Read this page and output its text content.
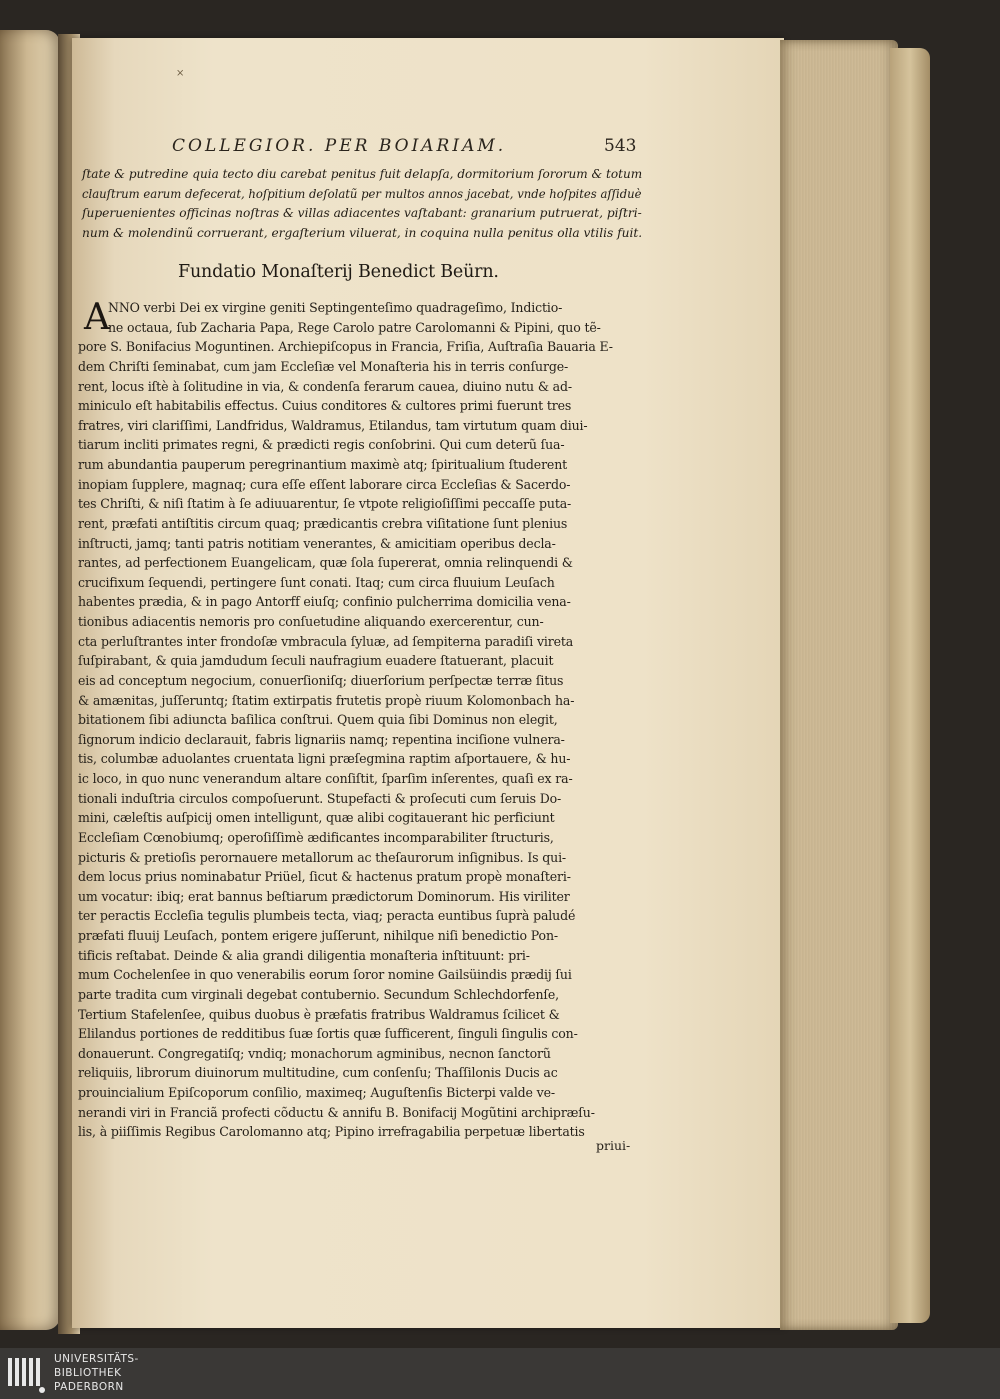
×
COLLEGIOR. PER BOIARIAM.	543
ſtate & putredine quia tecto diu carebat penitus fuit delapſa, dormitorium ſororum & totum
clauſtrum earum defecerat, hoſpitium deſolatũ per multos annos jacebat, vnde hoſpites aſſiduè
ſuperuenientes officinas noſtras & villas adiacentes vaſtabant: granarium putruerat, piſtri-
num & molendinũ corruerant, ergaſterium viluerat, in coquina nulla penitus olla vtilis fuit.
Fundatio Monaſterij Benedict Beürn.
A
NNO verbi Dei ex virgine geniti Septingenteſimo quadrageſimo, Indictio-
ne octaua, ſub Zacharia Papa, Rege Carolo patre Carolomanni & Pipini, quo tẽ-
pore S. Bonifacius Moguntinen. Archiepiſcopus in Francia, Friſia, Auſtraſia Bauaria E-
dem Chriſti ſeminabat, cum jam Eccleſiæ vel Monaſteria his in terris conſurge-
rent, locus iſtè à ſolitudine in via, & condenſa ferarum cauea, diuino nutu & ad-
miniculo eſt habitabilis effectus. Cuius conditores & cultores primi fuerunt tres
fratres, viri clariſſimi, Landfridus, Waldramus, Etilandus, tam virtutum quam diui-
tiarum incliti primates regni, & prædicti regis conſobrini. Qui cum deterũ ſua-
rum abundantia pauperum peregrinantium maximè atq; ſpiritualium ſtuderent
inopiam ſupplere, magnaq; cura eſſe eſſent laborare circa Eccleſias & Sacerdo-
tes Chriſti, & niſi ſtatim à ſe adiuuarentur, ſe vtpote religioſiſſimi peccaſſe puta-
rent, præfati antiſtitis circum quaq; prædicantis crebra viſitatione ſunt plenius
inſtructi, jamq; tanti patris notitiam venerantes, & amicitiam operibus decla-
rantes, ad perfectionem Euangelicam, quæ ſola ſupererat, omnia relinquendi &
crucifixum ſequendi, pertingere ſunt conati. Itaq; cum circa fluuium Leuſach
habentes prædia, & in pago Antorff eiuſq; confinio pulcherrima domicilia vena-
tionibus adiacentis nemoris pro conſuetudine aliquando exercerentur, cun-
cta perluſtrantes inter frondoſæ vmbracula ſyluæ, ad ſempiterna paradiſi vireta
ſuſpirabant, & quia jamdudum ſeculi naufragium euadere ſtatuerant, placuit
eis ad conceptum negocium, conuerſioniſq; diuerſorium perſpectæ terræ ſitus
& amænitas, juſſeruntq; ſtatim extirpatis frutetis propè riuum Kolomonbach ha-
bitationem ſibi adiuncta baſilica conſtrui. Quem quia ſibi Dominus non elegit,
ſignorum indicio declarauit, fabris lignariis namq; repentina inciſione vulnera-
tis, columbæ aduolantes cruentata ligni præſegmina raptim aſportauere, & hu-
ic loco, in quo nunc venerandum altare conſiſtit, ſparſim inſerentes, quaſi ex ra-
tionali induſtria circulos compoſuerunt. Stupefacti & proſecuti cum ſeruis Do-
mini, cæleſtis auſpicij omen intelligunt, quæ alibi cogitauerant hic perficiunt
Eccleſiam Cœnobiumq; operoſiſſimè ædificantes incomparabiliter ſtructuris,
picturis & pretioſis perornauere metallorum ac theſaurorum inſignibus. Is qui-
dem locus prius nominabatur Priüel, ſicut & hactenus pratum propè monaſteri-
um vocatur: ibiq; erat bannus beſtiarum prædictorum Dominorum. His viriliter
ter peractis Eccleſia tegulis plumbeis tecta, viaq; peracta euntibus ſuprà paludé
præfati fluuij Leuſach, pontem erigere juſſerunt, nihilque niſi benedictio Pon-
tificis reſtabat. Deinde & alia grandi diligentia monaſteria inſtituunt: pri-
mum Cochelenſee in quo venerabilis eorum ſoror nomine Gailsüindis prædij ſui
parte tradita cum virginali degebat contubernio. Secundum Schlechdorfenſe,
Tertium Stafelenſee, quibus duobus è præfatis fratribus Waldramus ſcilicet &
Elilandus portiones de redditibus ſuæ ſortis quæ ſufficerent, ſinguli ſingulis con-
donauerunt. Congregatiſq; vndiq; monachorum agminibus, necnon ſanctorũ
reliquiis, librorum diuinorum multitudine, cum conſenſu; Thaſſilonis Ducis ac
prouincialium Epiſcoporum conſilio, maximeq; Auguſtenſis Bicterpi valde ve-
nerandi viri in Franciã profecti cõductu & annifu B. Bonifacij Mogũtini archipræſu-
lis, à piiſſimis Regibus Carolomanno atq; Pipino irrefragabilia perpetuæ libertatis
priui-
UNIVERSITÄTS-
BIBLIOTHEK
PADERBORN
